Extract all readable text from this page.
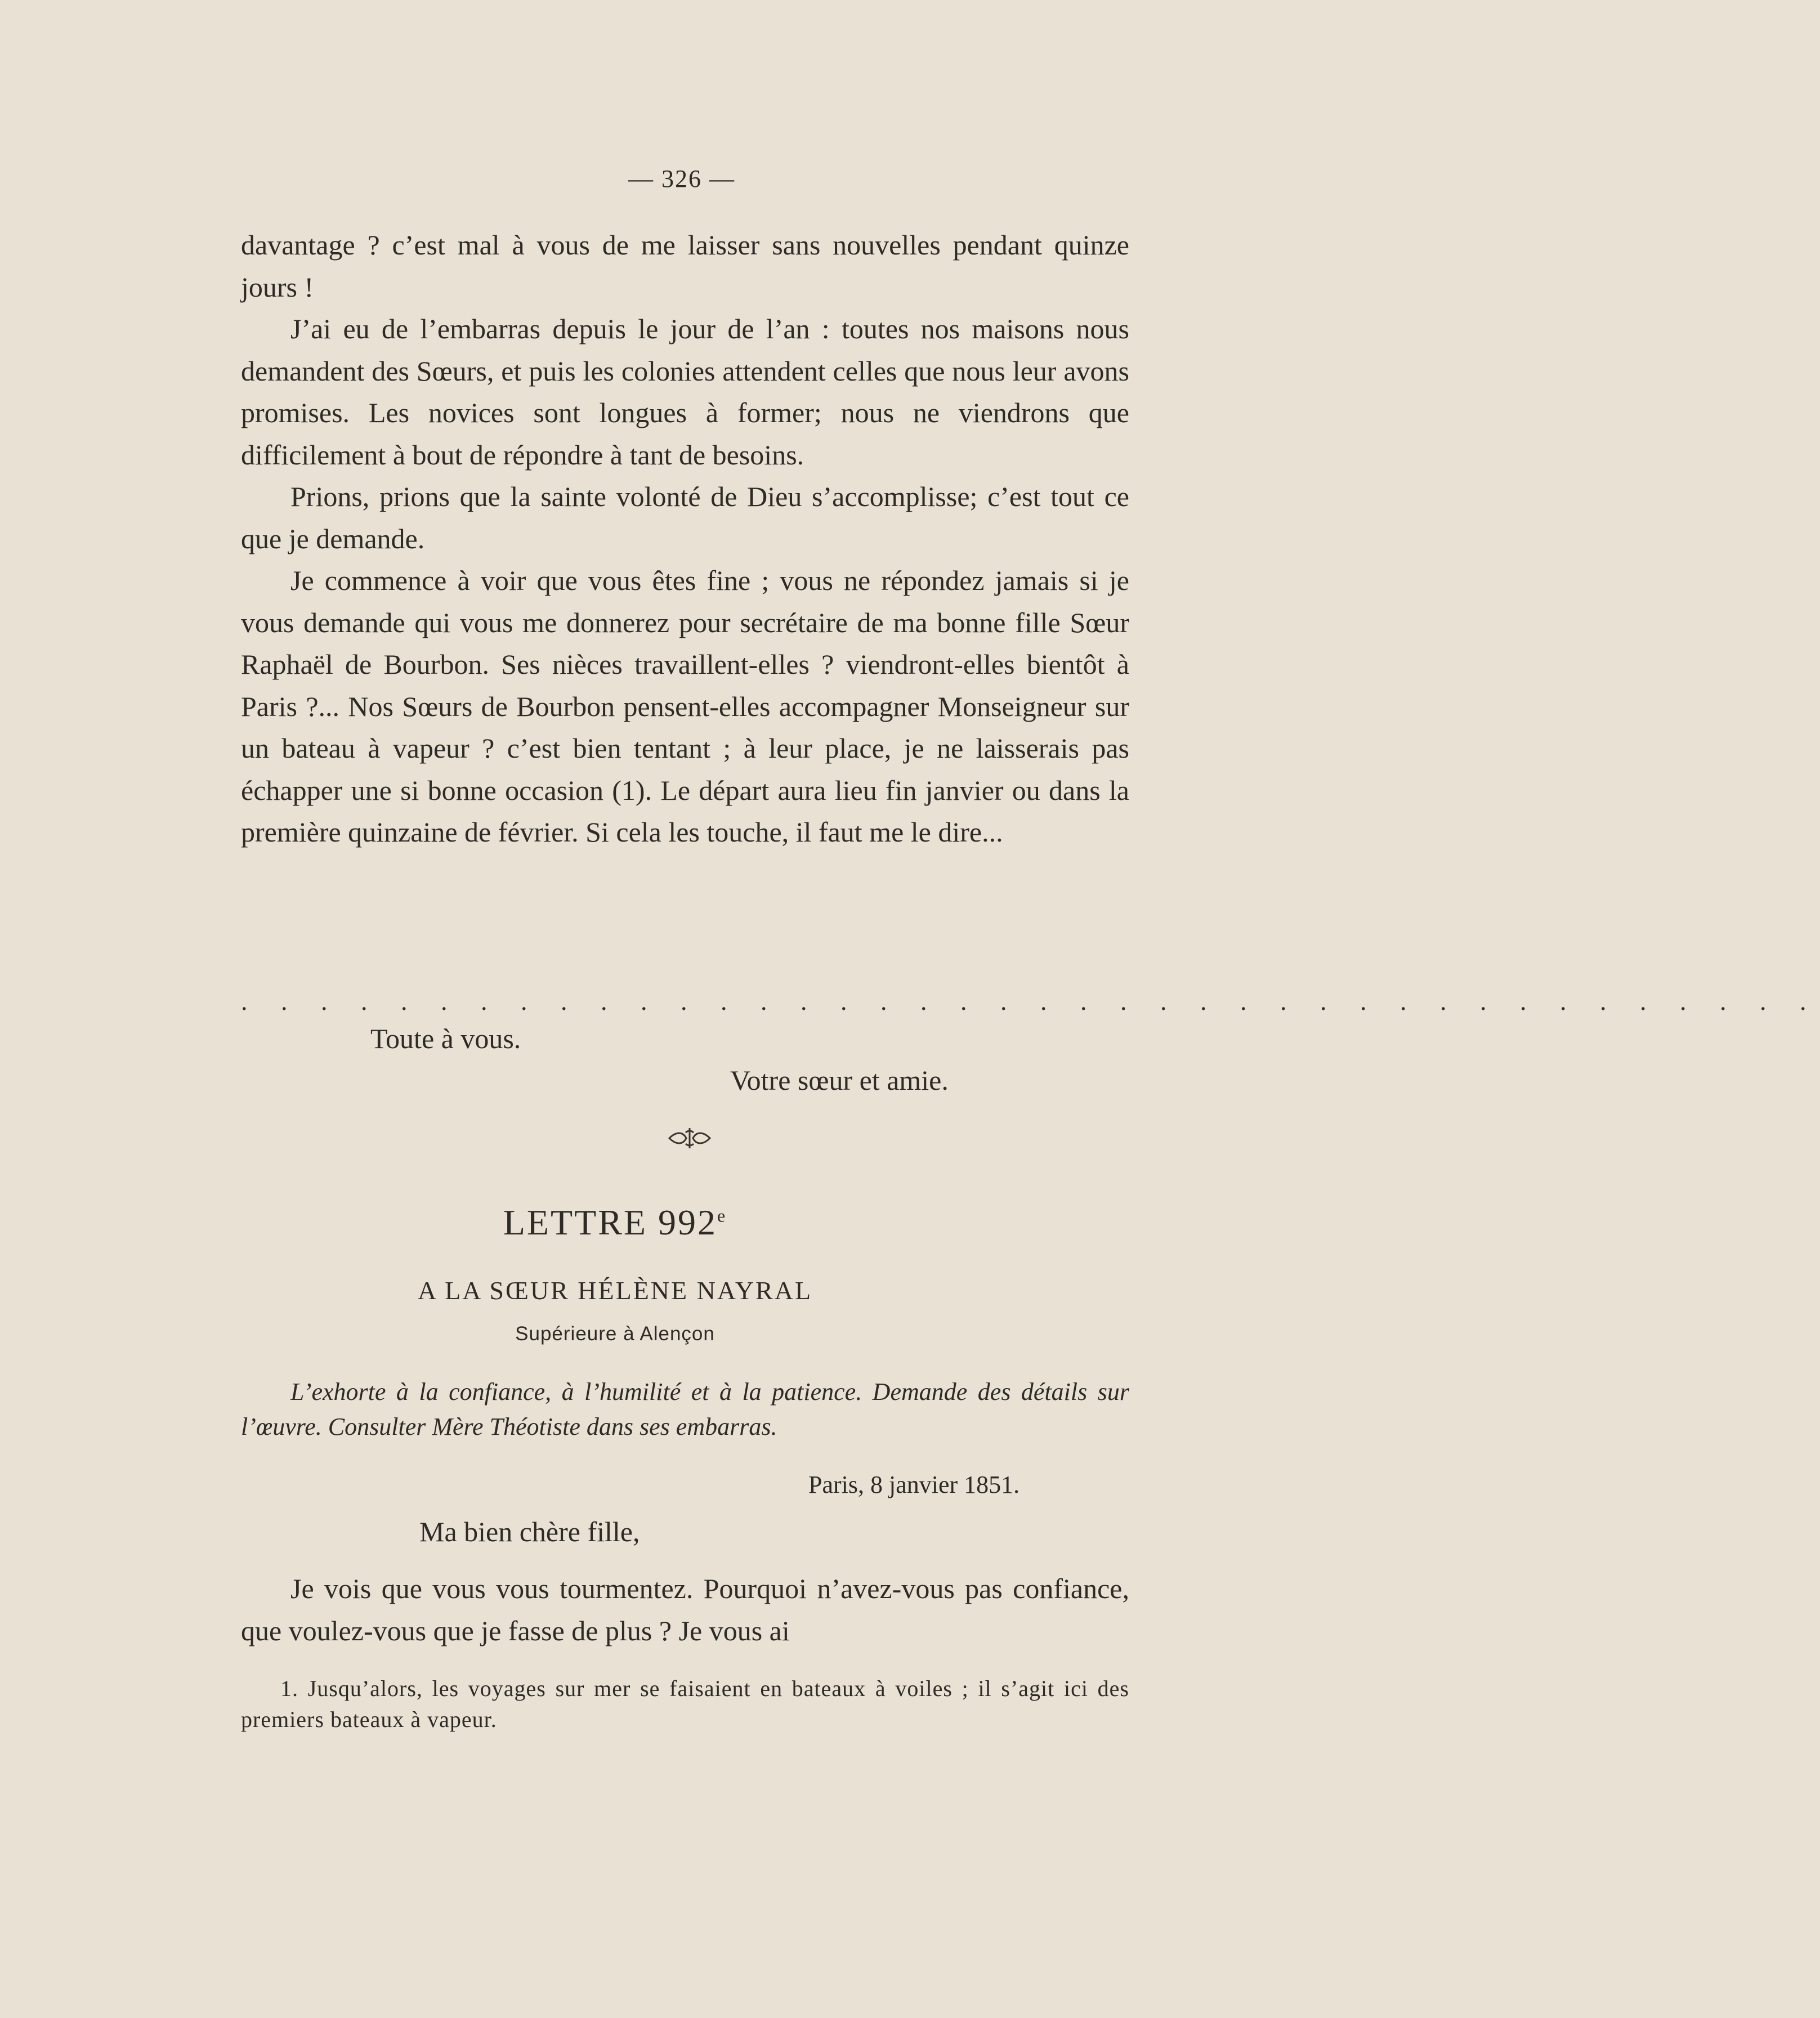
— 326 —

davantage ? c’est mal à vous de me laisser sans nouvelles pendant quinze jours !

J’ai eu de l’embarras depuis le jour de l’an : toutes nos maisons nous demandent des Sœurs, et puis les colonies attendent celles que nous leur avons promises. Les novices sont longues à former; nous ne viendrons que difficilement à bout de répondre à tant de besoins.

Prions, prions que la sainte volonté de Dieu s’accomplisse; c’est tout ce que je demande.

Je commence à voir que vous êtes fine ; vous ne répondez jamais si je vous demande qui vous me donnerez pour secrétaire de ma bonne fille Sœur Raphaël de Bourbon. Ses nièces travaillent-elles ? viendront-elles bientôt à Paris ?... Nos Sœurs de Bourbon pensent-elles accompagner Monseigneur sur un bateau à vapeur ? c’est bien tentant ; à leur place, je ne laisserais pas échapper une si bonne occasion (1). Le départ aura lieu fin janvier ou dans la première quinzaine de février. Si cela les touche, il faut me le dire...

. . . . . . . . . . . . . . . . . . . . . . . . . . . . . . . . . . . . . . . .
Toute à vous.
Votre sœur et amie.
LETTRE 992e
A LA SŒUR HÉLÈNE NAYRAL
Supérieure à Alençon

L’exhorte à la confiance, à l’humilité et à la patience. Demande des détails sur l’œuvre. Consulter Mère Théotiste dans ses embarras.

Paris, 8 janvier 1851.
Ma bien chère fille,

Je vois que vous vous tourmentez. Pourquoi n’avez-vous pas confiance, que voulez-vous que je fasse de plus ? Je vous ai

1. Jusqu’alors, les voyages sur mer se faisaient en bateaux à voiles ; il s’agit ici des premiers bateaux à vapeur.
